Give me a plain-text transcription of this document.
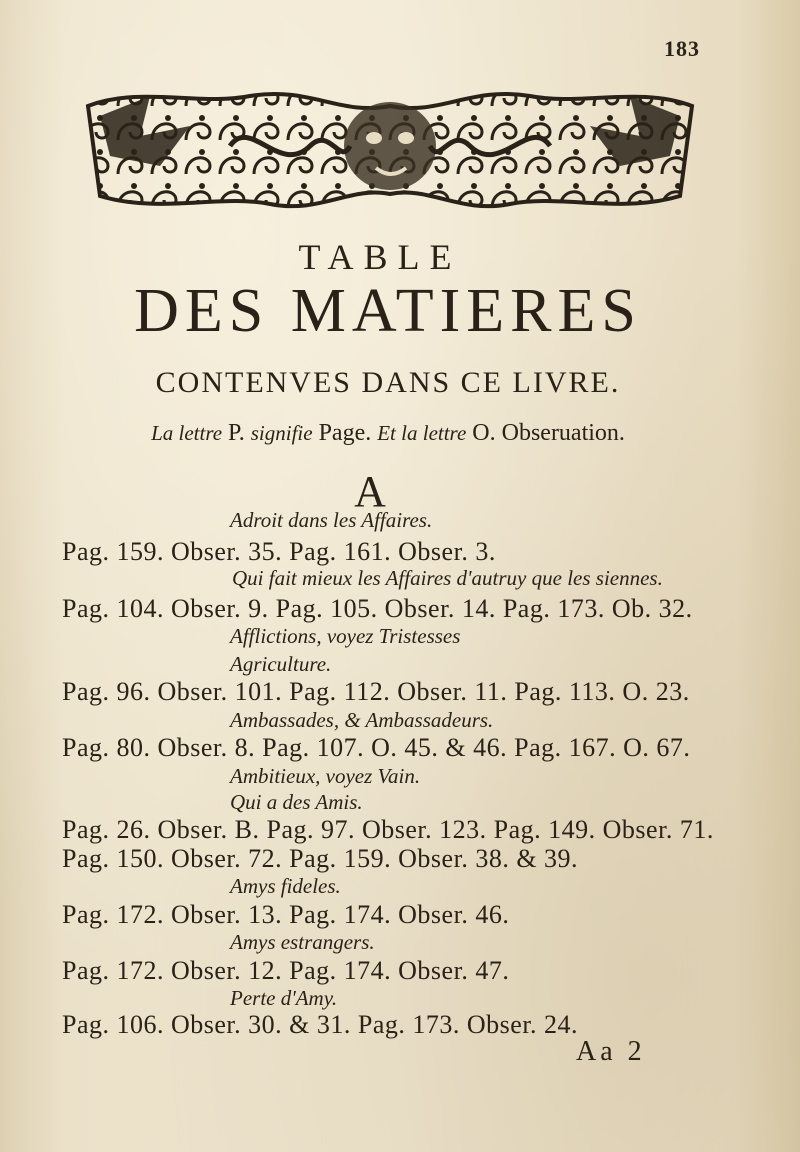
183
TABLE
DES MATIERES
CONTENVES DANS CE LIVRE.
La lettre P. signifie Page. Et la lettre O. Obseruation.
A
Adroit dans les Affaires.
Pag. 159. Obser. 35. Pag. 161. Obser. 3.
Qui fait mieux les Affaires d'autruy que les siennes.
Pag. 104. Obser. 9. Pag. 105. Obser. 14. Pag. 173. Ob. 32.
Afflictions, voyez Tristesses
Agriculture.
Pag. 96. Obser. 101. Pag. 112. Obser. 11. Pag. 113. O. 23.
Ambassades, & Ambassadeurs.
Pag. 80. Obser. 8. Pag. 107. O. 45. & 46. Pag. 167. O. 67.
Ambitieux, voyez Vain.
Qui a des Amis.
Pag. 26. Obser. B. Pag. 97. Obser. 123. Pag. 149. Obser. 71.
Pag. 150. Obser. 72. Pag. 159. Obser. 38. & 39.
Amys fideles.
Pag. 172. Obser. 13. Pag. 174. Obser. 46.
Amys estrangers.
Pag. 172. Obser. 12. Pag. 174. Obser. 47.
Perte d'Amy.
Pag. 106. Obser. 30. & 31. Pag. 173. Obser. 24.
Aa 2
